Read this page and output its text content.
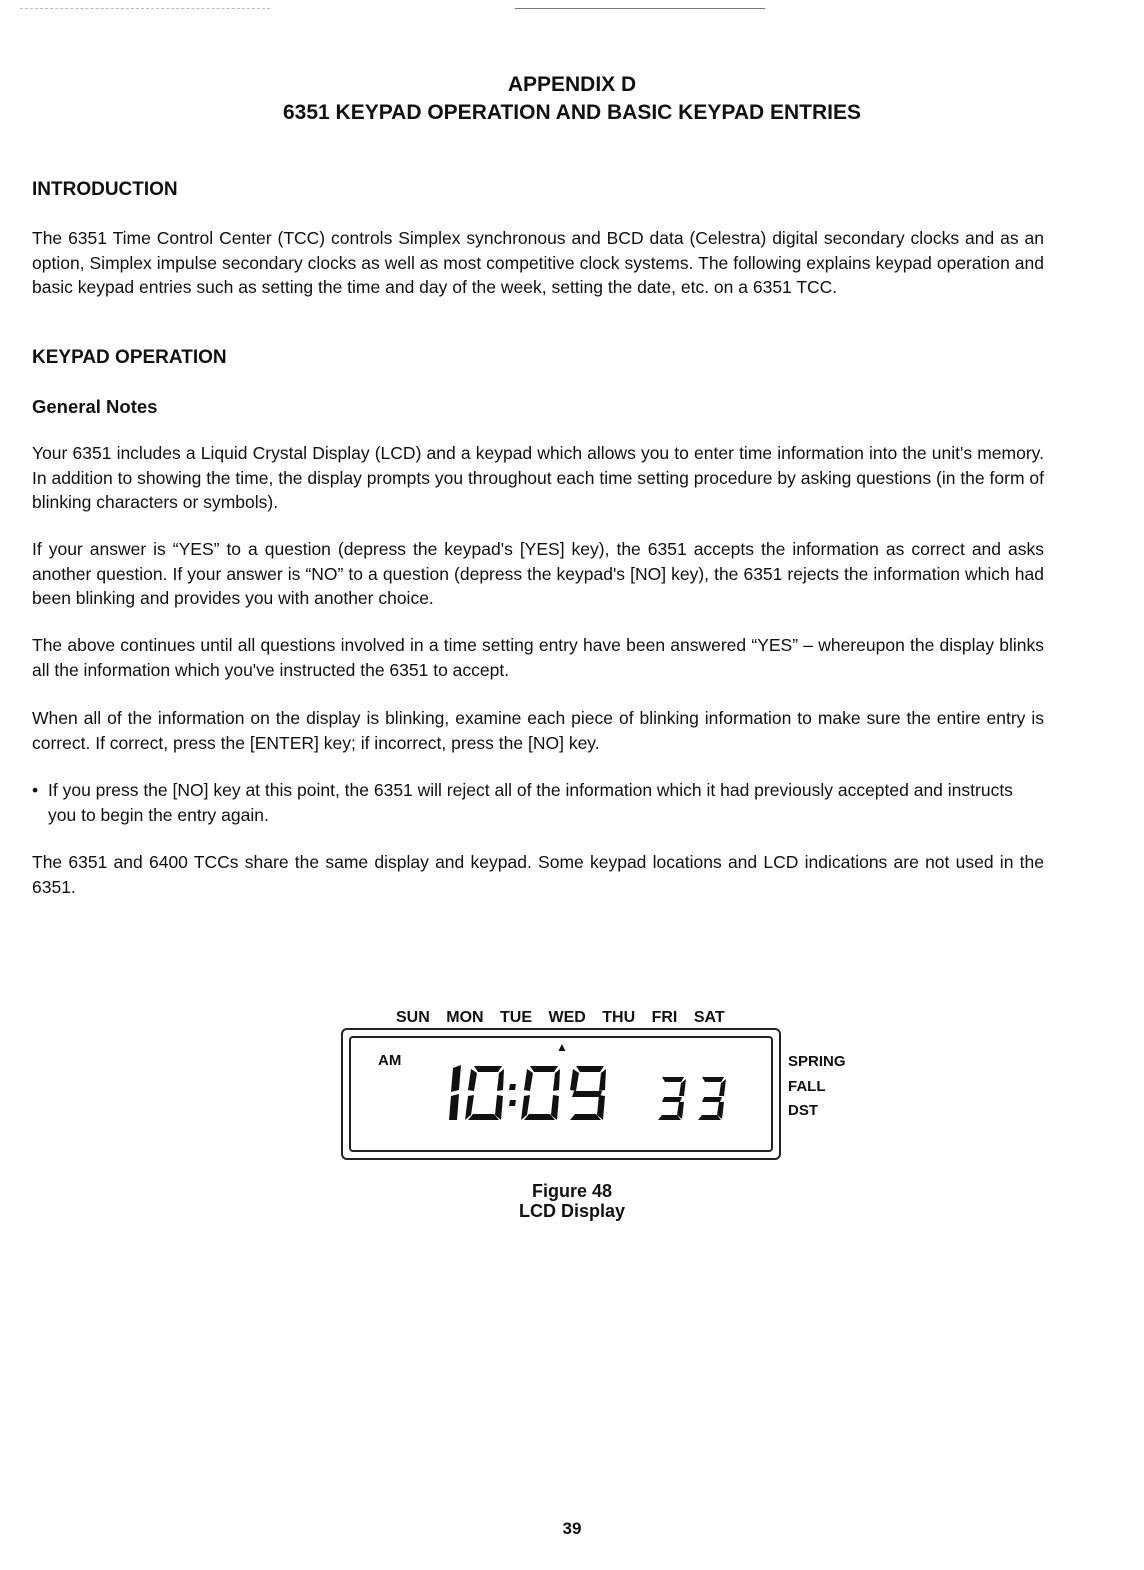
APPENDIX D
6351 KEYPAD OPERATION AND BASIC KEYPAD ENTRIES
INTRODUCTION

The 6351 Time Control Center (TCC) controls Simplex synchronous and BCD data (Celestra) digital secondary clocks and as an option, Simplex impulse secondary clocks as well as most competitive clock systems. The following explains keypad operation and basic keypad entries such as setting the time and day of the week, setting the date, etc. on a 6351 TCC.

KEYPAD OPERATION
General Notes

Your 6351 includes a Liquid Crystal Display (LCD) and a keypad which allows you to enter time information into the unit's memory. In addition to showing the time, the display prompts you throughout each time setting procedure by asking questions (in the form of blinking characters or symbols).

If your answer is “YES” to a question (depress the keypad's [YES] key), the 6351 accepts the information as correct and asks another question. If your answer is “NO” to a question (depress the keypad's [NO] key), the 6351 rejects the information which had been blinking and provides you with another choice.

The above continues until all questions involved in a time setting entry have been answered “YES” – whereupon the display blinks all the information which you've instructed the 6351 to accept.

When all of the information on the display is blinking, examine each piece of blinking information to make sure the entire entry is correct. If correct, press the [ENTER] key; if incorrect, press the [NO] key.

• If you press the [NO] key at this point, the 6351 will reject all of the information which it had previously accepted and instructs you to begin the entry again.

The 6351 and 6400 TCCs share the same display and keypad. Some keypad locations and LCD indications are not used in the 6351.

SUN MON TUE WED THU FRI SAT
AM
▲
SPRING
FALL
DST
Figure 48
LCD Display
39
